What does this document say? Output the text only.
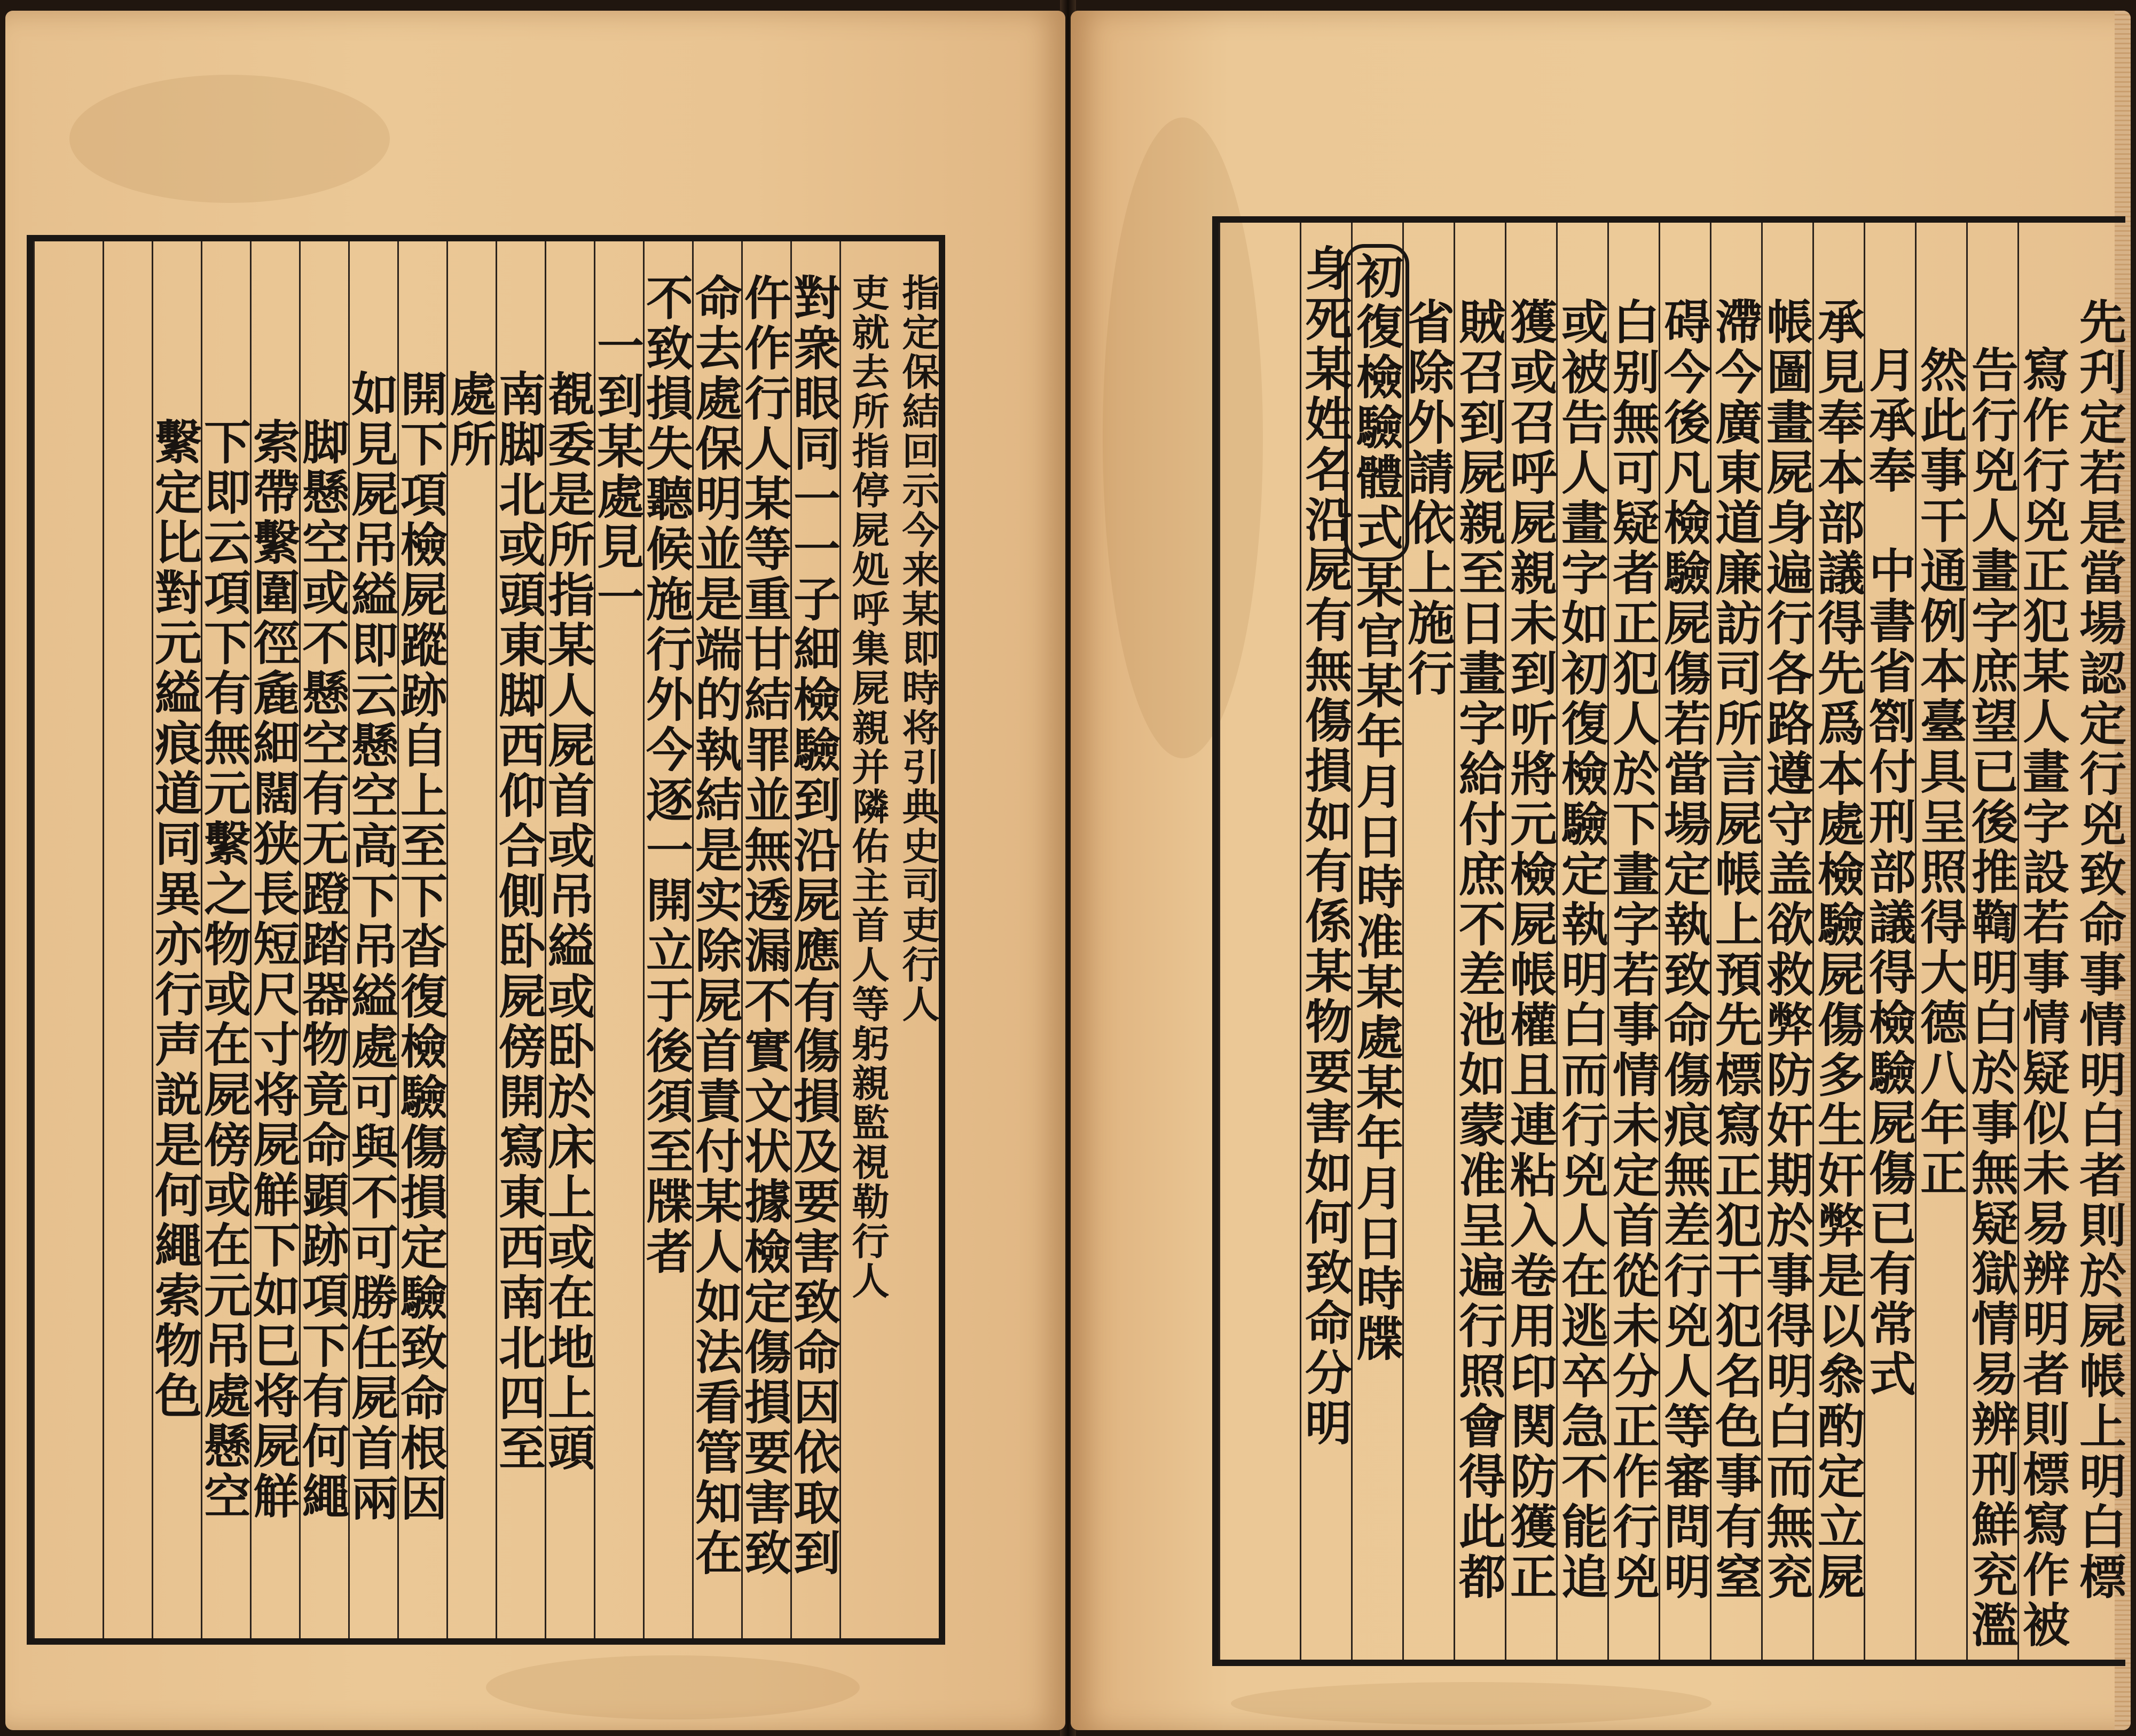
指定保結回示今来某即時将引典史司吏行人
吏就去所指停屍処呼集屍親并隣佑主首人等躬親監視勒行人
對衆眼同一一子細檢驗到沿屍應有傷損及要害致命因依取到
仵作行人某等重甘結罪並無透漏不實文状據檢定傷損要害致
命去處保明並是端的執結是实除屍首責付某人如法看管知在
不致損失聽候施行外今逐一開立于後須至牒者
一到某處見一
覩委是所指某人屍首或吊縊或卧於床上或在地上頭
南脚北或頭東脚西仰合側卧屍傍開寫東西南北四至
處所
開下項檢屍蹤跡自上至下沓復檢驗傷損定驗致命根因
如見屍吊縊即云懸空高下吊縊處可與不可勝任屍首兩
脚懸空或不懸空有无蹬踏器物竟命顕跡項下有何繩
索帶繫圍徑麁細闊狭長短尺寸将屍觧下如巳将屍觧
下即云項下有無元繫之物或在屍傍或在元吊處懸空
繫定比對元縊痕道同異亦行声説是何繩索物色	先刋定若是當場認定行兇致命事情明白者則於屍帳上明白標
寫作行兇正犯某人畫字設若事情疑似未易辨明者則標寫作被
告行兇人畫字庶望已後推鞫明白於事無疑獄情易辨刑鮮兖濫
然此事干通例本臺具呈照得大德八年正
月承奉　中書省劄付刑部議得檢驗屍傷已有常式
承見奉本部議得先爲本處檢驗屍傷多生奸弊是以叅酌定立屍
帳圖畫屍身遍行各路遵守盖欲救弊防奸期於事得明白而無兖
滯今廣東道廉訪司所言屍帳上預先標寫正犯干犯名色事有窒
碍今後凡檢驗屍傷若當場定執致命傷痕無差行兇人等審問明
白别無可疑者正犯人於下畫字若事情未定首從未分正作行兇
或被告人畫字如初復檢驗定執明白而行兇人在逃卒急不能追
獲或召呼屍親未到听將元檢屍帳權且連粘入卷用印関防獲正
賊召到屍親至日畫字給付庶不差池如蒙准呈遍行照會得此都
省除外請依上施行
初復檢驗體式某官某年月日時准某處某年月日時牒
身死某姓名沿屍有無傷損如有係某物要害如何致命分明
